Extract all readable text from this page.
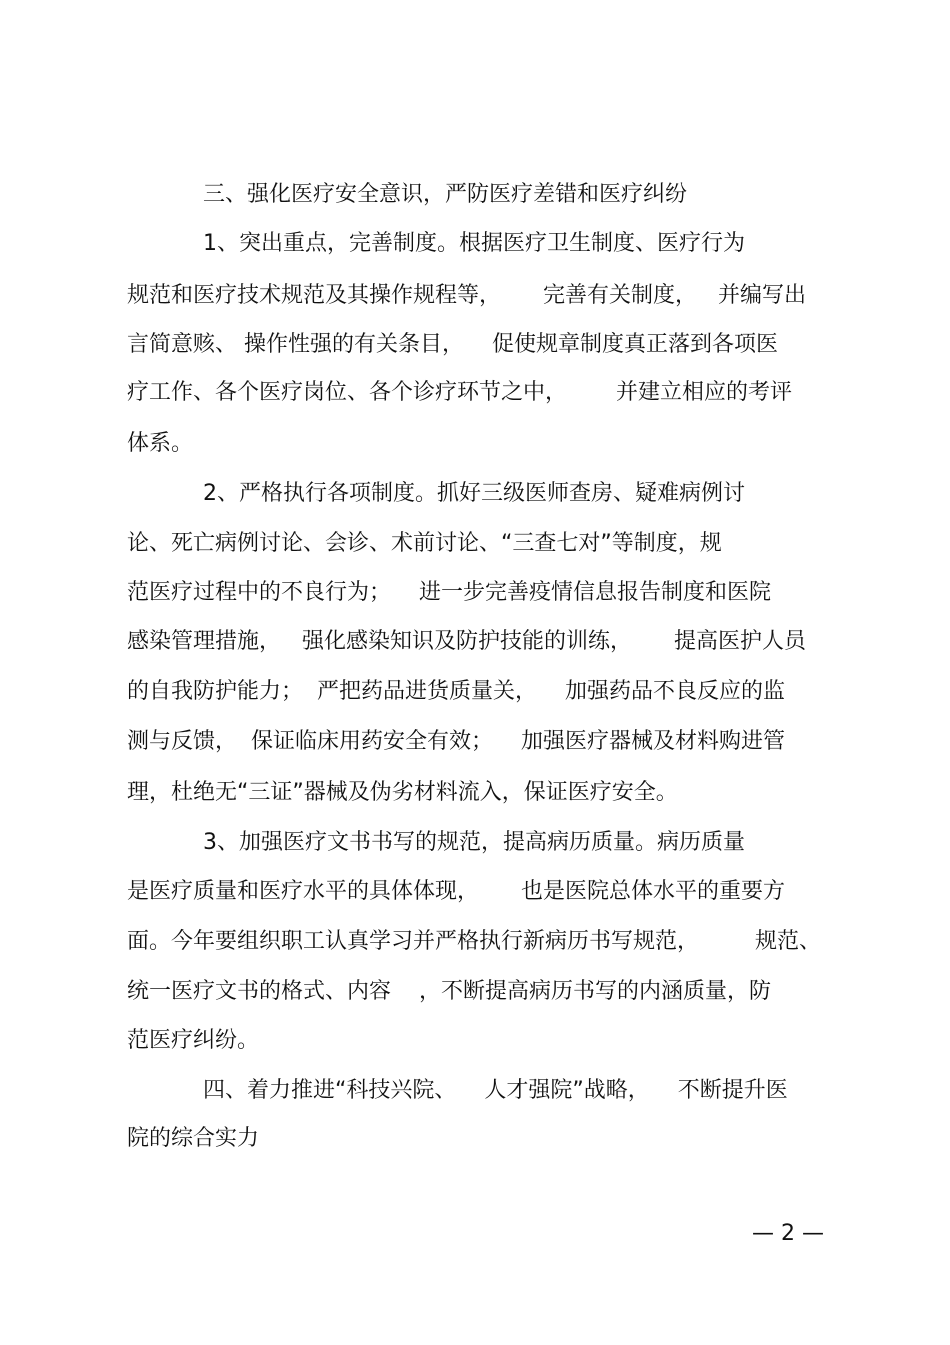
三、强化医疗安全意识，严防医疗差错和医疗纠纷
1、突出重点，完善制度。根据医疗卫生制度、医疗行为
规范和医疗技术规范及其操作规程等，      完善有关制度，   并编写出
言简意赅、 操作性强的有关条目，    促使规章制度真正落到各项医
疗工作、各个医疗岗位、各个诊疗环节之中，       并建立相应的考评
体系。
2、严格执行各项制度。抓好三级医师查房、疑难病例讨
论、死亡病例讨论、会诊、术前讨论、“三查七对”等制度，规
范医疗过程中的不良行为；    进一步完善疫情信息报告制度和医院
感染管理措施，   强化感染知识及防护技能的训练，      提高医护人员
的自我防护能力；  严把药品进货质量关，    加强药品不良反应的监
测与反馈，  保证临床用药安全有效；    加强医疗器械及材料购进管
理，杜绝无“三证”器械及伪劣材料流入，保证医疗安全。
3、加强医疗文书书写的规范，提高病历质量。病历质量
是医疗质量和医疗水平的具体体现，      也是医院总体水平的重要方
面。今年要组织职工认真学习并严格执行新病历书写规范，        规范、
统一医疗文书的格式、内容    ，不断提高病历书写的内涵质量，防
范医疗纠纷。
四、着力推进“科技兴院、    人才强院”战略，    不断提升医
院的综合实力
— 2 —
